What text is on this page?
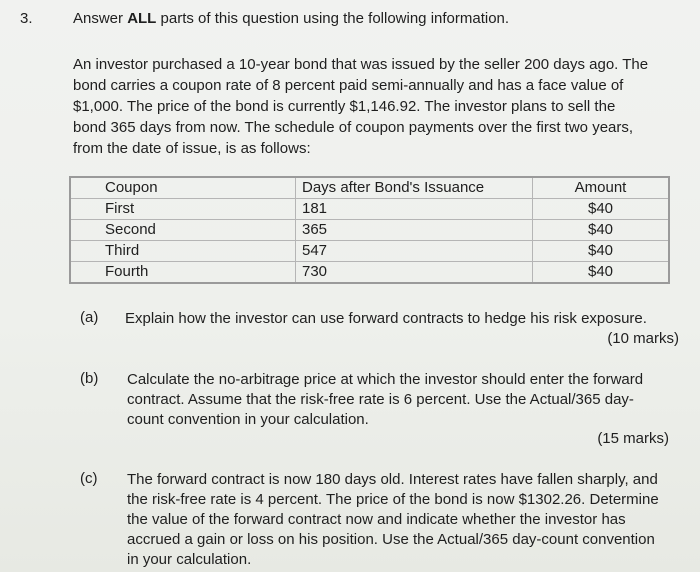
3.	Answer ALL parts of this question using the following information.
An investor purchased a 10-year bond that was issued by the seller 200 days ago. The
bond carries a coupon rate of 8 percent paid semi-annually and has a face value of
$1,000. The price of the bond is currently $1,146.92. The investor plans to sell the
bond 365 days from now. The schedule of coupon payments over the first two years,
from the date of issue, is as follows:
Coupon	Days after Bond's Issuance	Amount
First	181	$40
Second	365	$40
Third	547	$40
Fourth	730	$40
(a) Explain how the investor can use forward contracts to hedge his risk exposure.
(10 marks)
(b) Calculate the no-arbitrage price at which the investor should enter the forward
contract. Assume that the risk-free rate is 6 percent. Use the Actual/365 day-
count convention in your calculation.
(15 marks)
(c) The forward contract is now 180 days old. Interest rates have fallen sharply, and
the risk-free rate is 4 percent. The price of the bond is now $1302.26. Determine
the value of the forward contract now and indicate whether the investor has
accrued a gain or loss on his position. Use the Actual/365 day-count convention
in your calculation.
